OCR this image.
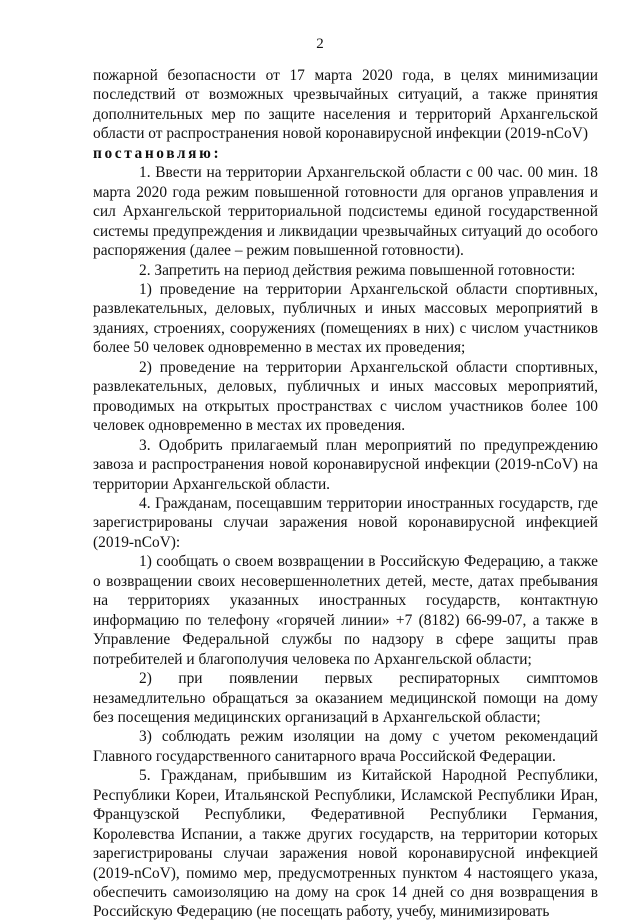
2

пожарной безопасности от 17 марта 2020 года, в целях минимизации последствий от возможных чрезвычайных ситуаций, а также принятия дополнительных мер по защите населения и территорий Архангельской области от распространения новой коронавирусной инфекции (2019-nCoV)

постановляю:

1. Ввести на территории Архангельской области с 00 час. 00 мин. 18 марта 2020 года режим повышенной готовности для органов управления и сил Архангельской территориальной подсистемы единой государственной системы предупреждения и ликвидации чрезвычайных ситуаций до особого распоряжения (далее – режим повышенной готовности).

2. Запретить на период действия режима повышенной готовности:

1) проведение на территории Архангельской области спортивных, развлекательных, деловых, публичных и иных массовых мероприятий в зданиях, строениях, сооружениях (помещениях в них) с числом участников более 50 человек одновременно в местах их проведения;

2) проведение на территории Архангельской области спортивных, развлекательных, деловых, публичных и иных массовых мероприятий, проводимых на открытых пространствах с числом участников более 100 человек одновременно в местах их проведения.

3. Одобрить прилагаемый план мероприятий по предупреждению завоза и распространения новой коронавирусной инфекции (2019-nCoV) на территории Архангельской области.

4. Гражданам, посещавшим территории иностранных государств, где зарегистрированы случаи заражения новой коронавирусной инфекцией (2019-nCoV):

1) сообщать о своем возвращении в Российскую Федерацию, а также о возвращении своих несовершеннолетних детей, месте, датах пребывания на территориях указанных иностранных государств, контактную информацию по телефону «горячей линии» +7 (8182) 66-99-07, а также в Управление Федеральной службы по надзору в сфере защиты прав потребителей и благополучия человека по Архангельской области;

2) при появлении первых респираторных симптомов незамедлительно обращаться за оказанием медицинской помощи на дому без посещения медицинских организаций в Архангельской области;

3) соблюдать режим изоляции на дому с учетом рекомендаций Главного государственного санитарного врача Российской Федерации.

5. Гражданам, прибывшим из Китайской Народной Республики, Республики Кореи, Итальянской Республики, Исламской Республики Иран, Французской Республики, Федеративной Республики Германия, Королевства Испании, а также других государств, на территории которых зарегистрированы случаи заражения новой коронавирусной инфекцией (2019-nCoV), помимо мер, предусмотренных пунктом 4 настоящего указа, обеспечить самоизоляцию на дому на срок 14 дней со дня возвращения в Российскую Федерацию (не посещать работу, учебу, минимизировать
